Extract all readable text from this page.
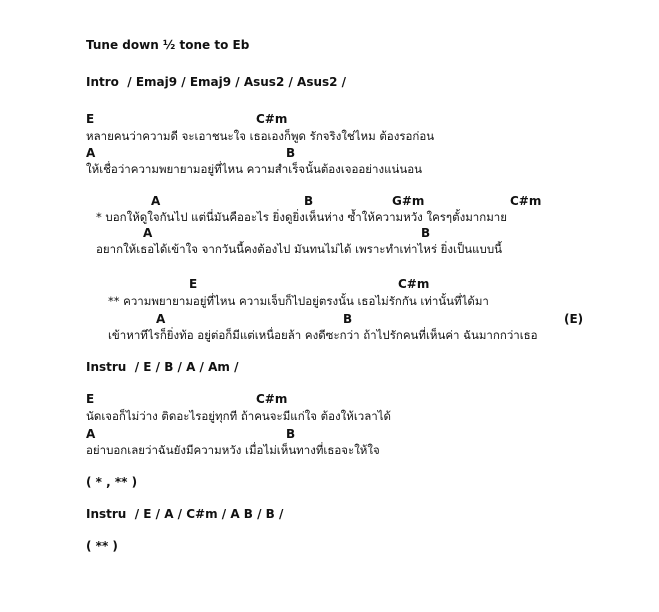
Tune down ½ tone to Eb
Intro  / Emaj9 / Emaj9 / Asus2 / Asus2 /
E	C#m
หลายคนว่าความดี จะเอาชนะใจ เธอเองก็พูด รักจริงใช่ไหม ต้องรอก่อน
A	B
ให้เชื่อว่าความพยายามอยู่ที่ไหน ความสำเร็จนั้นต้องเจออย่างแน่นอน
A	B	G#m	C#m
* บอกให้ดูใจกันไป แต่นี่มันคืออะไร ยิ่งดูยิ่งเห็นห่าง ซ้ำให้ความหวัง ใครๆตั้งมากมาย
A	B
อยากให้เธอได้เข้าใจ จากวันนี้คงต้องไป มันทนไม่ได้ เพราะทำเท่าไหร่ ยิ่งเป็นแบบนี้
E	C#m
** ความพยายามอยู่ที่ไหน ความเจ็บก็ไปอยู่ตรงนั้น เธอไม่รักกัน เท่านั้นที่ได้มา
A	B	(E)
เข้าหาทีไรก็ยิ่งท้อ อยู่ต่อก็มีแต่เหนื่อยล้า คงดีซะกว่า ถ้าไปรักคนที่เห็นค่า ฉันมากกว่าเธอ
Instru  / E / B / A / Am /
E	C#m
นัดเจอก็ไม่ว่าง ติดอะไรอยู่ทุกที ถ้าคนจะมีแก่ใจ ต้องให้เวลาได้
A	B
อย่าบอกเลยว่าฉันยังมีความหวัง เมื่อไม่เห็นทางที่เธอจะให้ใจ
( * , ** )
Instru  / E / A / C#m / A B / B /
( ** )
